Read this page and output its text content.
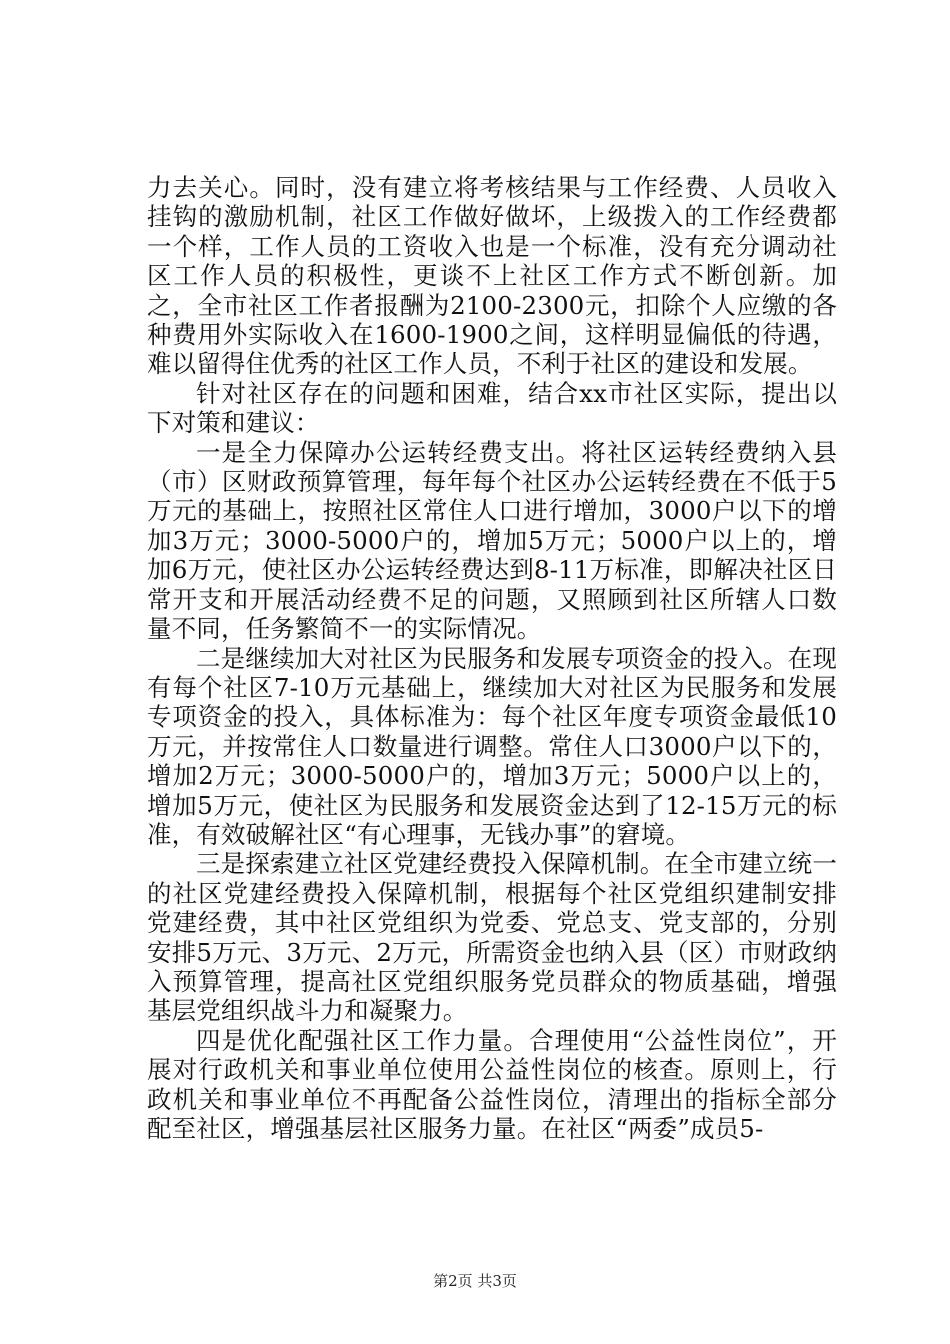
力去关心。同时，没有建立将考核结果与工作经费、人员收入挂钩的激励机制，社区工作做好做坏，上级拨入的工作经费都一个样，工作人员的工资收入也是一个标准，没有充分调动社区工作人员的积极性，更谈不上社区工作方式不断创新。加之，全市社区工作者报酬为2100-2300元，扣除个人应缴的各种费用外实际收入在1600-1900之间，这样明显偏低的待遇，难以留得住优秀的社区工作人员，不利于社区的建设和发展。

针对社区存在的问题和困难，结合xx市社区实际，提出以下对策和建议：

一是全力保障办公运转经费支出。将社区运转经费纳入县（市）区财政预算管理，每年每个社区办公运转经费在不低于5万元的基础上，按照社区常住人口进行增加，3000户以下的增加3万元；3000-5000户的，增加5万元；5000户以上的，增加6万元，使社区办公运转经费达到8-11万标准，即解决社区日常开支和开展活动经费不足的问题，又照顾到社区所辖人口数量不同，任务繁简不一的实际情况。

二是继续加大对社区为民服务和发展专项资金的投入。在现有每个社区7-10万元基础上，继续加大对社区为民服务和发展专项资金的投入，具体标准为：每个社区年度专项资金最低10万元，并按常住人口数量进行调整。常住人口3000户以下的，增加2万元；3000-5000户的，增加3万元；5000户以上的，增加5万元，使社区为民服务和发展资金达到了12-15万元的标准，有效破解社区“有心理事，无钱办事”的窘境。

三是探索建立社区党建经费投入保障机制。在全市建立统一的社区党建经费投入保障机制，根据每个社区党组织建制安排党建经费，其中社区党组织为党委、党总支、党支部的，分别安排5万元、3万元、2万元，所需资金也纳入县（区）市财政纳入预算管理，提高社区党组织服务党员群众的物质基础，增强基层党组织战斗力和凝聚力。

四是优化配强社区工作力量。合理使用“公益性岗位”，开展对行政机关和事业单位使用公益性岗位的核查。原则上，行政机关和事业单位不再配备公益性岗位，清理出的指标全部分配至社区，增强基层社区服务力量。在社区“两委”成员5-

第2页 共3页
